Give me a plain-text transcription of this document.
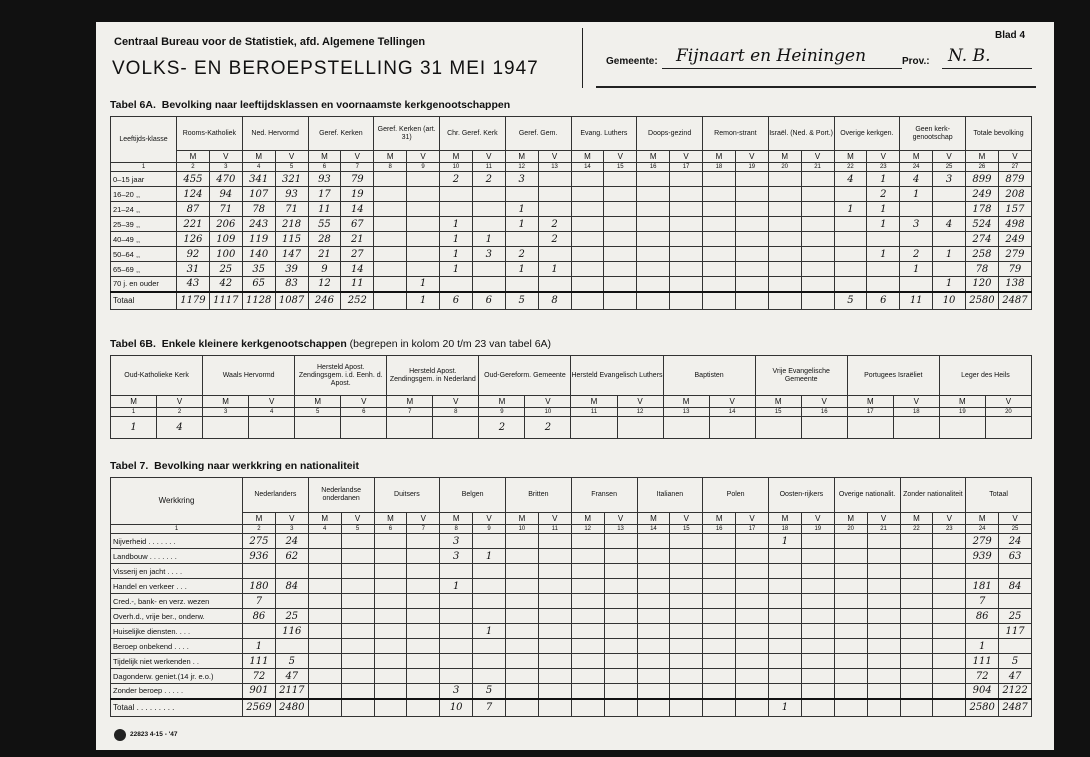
Centraal Bureau voor de Statistiek, afd. Algemene Tellingen
VOLKS- EN BEROEPSTELLING 31 MEI 1947
Blad 4
Gemeente: Fijnaart en Heiningen	Prov.: N. B.
Tabel 6A. Bevolking naar leeftijdsklassen en voornaamste kerkgenootschappen
Leeftijds-klasse	Rooms-Katholiek		Ned. Hervormd		Geref. Kerken		Geref. Kerken (art. 31)		Chr. Geref. Kerk		Geref. Gem.		Evang. Luthers		Doops-gezind		Remon-strant		Israël. (Ned. & Port.)		Overige kerkgen.		Geen kerk-genootschap		Totale bevolking	
	M	V	M	V	M	V	M	V	M	V	M	V	M	V	M	V	M	V	M	V	M	V	M	V	M	V
1	2	3	4	5	6	7	8	9	10	11	12	13	14	15	16	17	18	19	20	21	22	23	24	25	26	27
0–15 jaar	455	470	341	321	93	79			2	2	3										4	1	4	3	899	879
16–20 ,,	124	94	107	93	17	19																2	1		249	208
21–24 ,,	87	71	78	71	11	14					1										1	1			178	157
25–39 ,,	221	206	243	218	55	67			1		1	2										1	3	4	524	498
40–49 ,,	126	109	119	115	28	21			1	1		2													274	249
50–64 ,,	92	100	140	147	21	27			1	3	2											1	2	1	258	279
65–69 ,,	31	25	35	39	9	14			1		1	1											1		78	79
70 j. en ouder	43	42	65	83	12	11		1																1	120	138
Totaal	1179	1117	1128	1087	246	252		1	6	6	5	8									5	6	11	10	2580	2487
Tabel 6B. Enkele kleinere kerkgenootschappen (begrepen in kolom 20 t/m 23 van tabel 6A)
Oud-Katholieke Kerk		Waals Hervormd		Hersteld Apost. Zendingsgem. i.d. Eenh. d. Apost.		Hersteld Apost. Zendingsgem. in Nederland		Oud-Gereform. Gemeente		Hersteld Evangelisch Luthers		Baptisten		Vrije Evangelische Gemeente		Portugees Israëliet		Leger des Heils	
M	V	M	V	M	V	M	V	M	V	M	V	M	V	M	V	M	V	M	V
1	2	3	4	5	6	7	8	9	10	11	12	13	14	15	16	17	18	19	20
1	4							2	2										
Tabel 7. Bevolking naar werkkring en nationaliteit
Werkkring	Nederlanders		Nederlandse onderdanen		Duitsers		Belgen		Britten		Fransen		Italianen		Polen		Oosten-rijkers		Overige nationalit.		Zonder nationaliteit		Totaal	
	M	V	M	V	M	V	M	V	M	V	M	V	M	V	M	V	M	V	M	V	M	V	M	V
1	2	3	4	5	6	7	8	9	10	11	12	13	14	15	16	17	18	19	20	21	22	23	24	25
Nijverheid . . . . . . .	275	24					3										1						279	24
Landbouw . . . . . . .	936	62					3	1															939	63
Visserij en jacht . . . .																								
Handel en verkeer . . .	180	84					1																181	84
Cred.-, bank- en verz. wezen	7																						7	
Overh.d., vrije ber., onderw.	86	25																					86	25
Huiselijke diensten. . . .		116						1																117
Beroep onbekend . . . .	1																						1	
Tijdelijk niet werkenden . .	111	5																					111	5
Dagonderw. geniet.(14 jr. e.o.)	72	47																					72	47
Zonder beroep . . . . .	901	2117					3	5															904	2122
Totaal . . . . . . . . .	2569	2480					10	7									1						2580	2487
22823 4-15 - '47
